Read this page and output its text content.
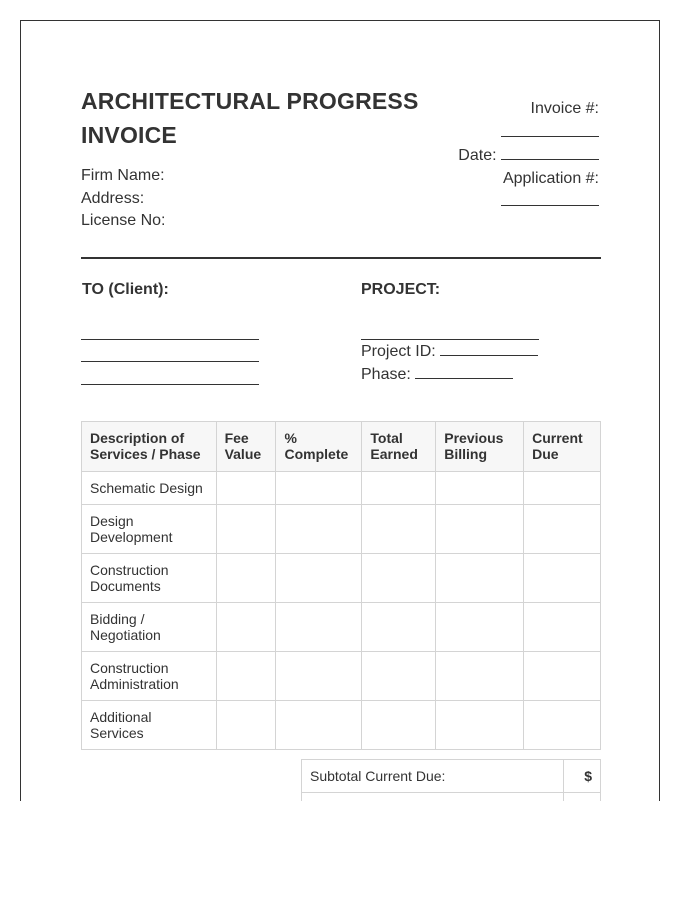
ARCHITECTURAL PROGRESS INVOICE
Firm Name:
Address:
License No:
Invoice #:
Date:
Application #:
TO (Client):	PROJECT:
Project ID:
Phase:
Description of Services / Phase	Fee Value	% Complete	Total Earned	Previous Billing	Current Due
Schematic Design					
Design Development					
Construction Documents					
Bidding / Negotiation					
Construction Administration					
Additional Services					
Subtotal Current Due:	$
